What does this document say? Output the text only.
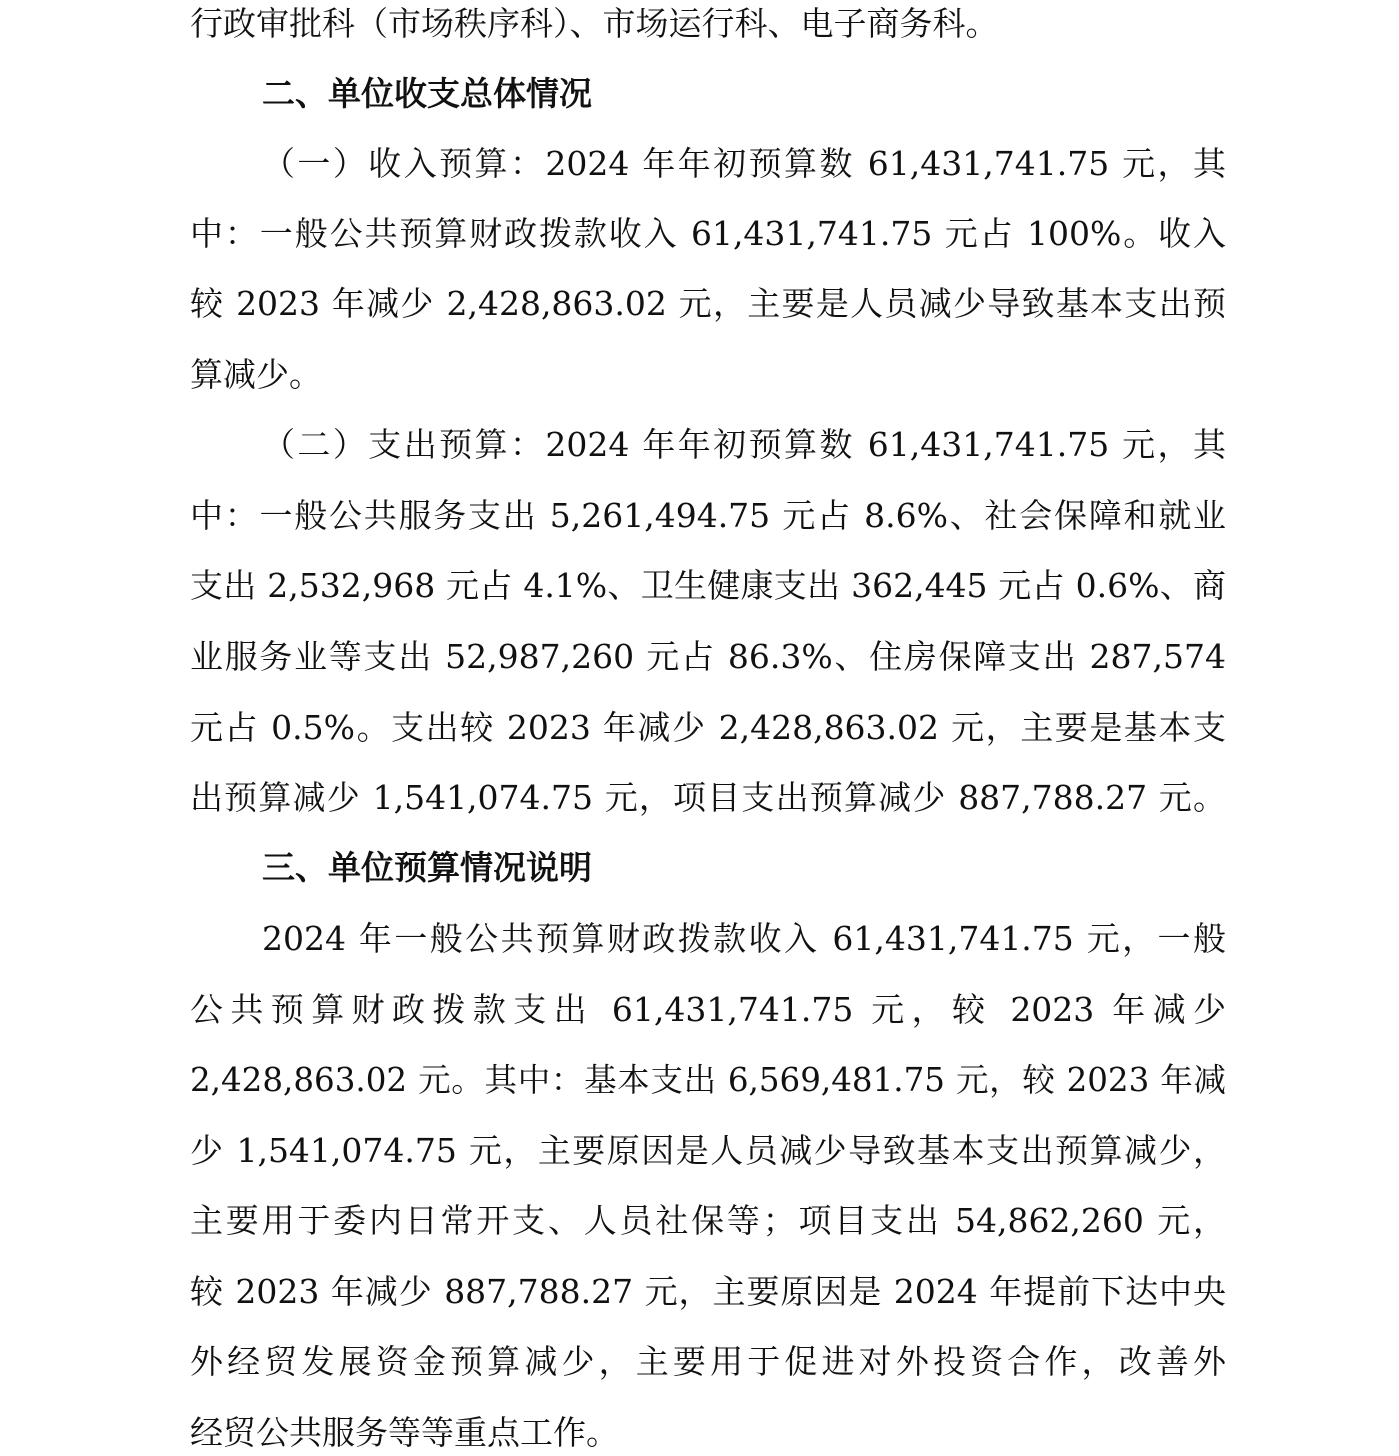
行政审批科（市场秩序科）、市场运行科、电子商务科。
二、单位收支总体情况
（一）收入预算：2024 年年初预算数 61,431,741.75 元，其
中：一般公共预算财政拨款收入 61,431,741.75 元占 100%。收入
较 2023 年减少 2,428,863.02 元，主要是人员减少导致基本支出预
算减少。
（二）支出预算：2024 年年初预算数 61,431,741.75 元，其
中：一般公共服务支出 5,261,494.75 元占 8.6%、社会保障和就业
支出 2,532,968 元占 4.1%、卫生健康支出 362,445 元占 0.6%、商
业服务业等支出 52,987,260 元占 86.3%、住房保障支出 287,574
元占 0.5%。支出较 2023 年减少 2,428,863.02 元，主要是基本支
出预算减少 1,541,074.75 元，项目支出预算减少 887,788.27 元。
三、单位预算情况说明
2024 年一般公共预算财政拨款收入 61,431,741.75 元，一般
公共预算财政拨款支出 61,431,741.75 元，较 2023 年减少
2,428,863.02 元。其中：基本支出 6,569,481.75 元，较 2023 年减
少 1,541,074.75 元，主要原因是人员减少导致基本支出预算减少，
主要用于委内日常开支、人员社保等；项目支出 54,862,260 元，
较 2023 年减少 887,788.27 元，主要原因是 2024 年提前下达中央
外经贸发展资金预算减少，主要用于促进对外投资合作，改善外
经贸公共服务等等重点工作。
